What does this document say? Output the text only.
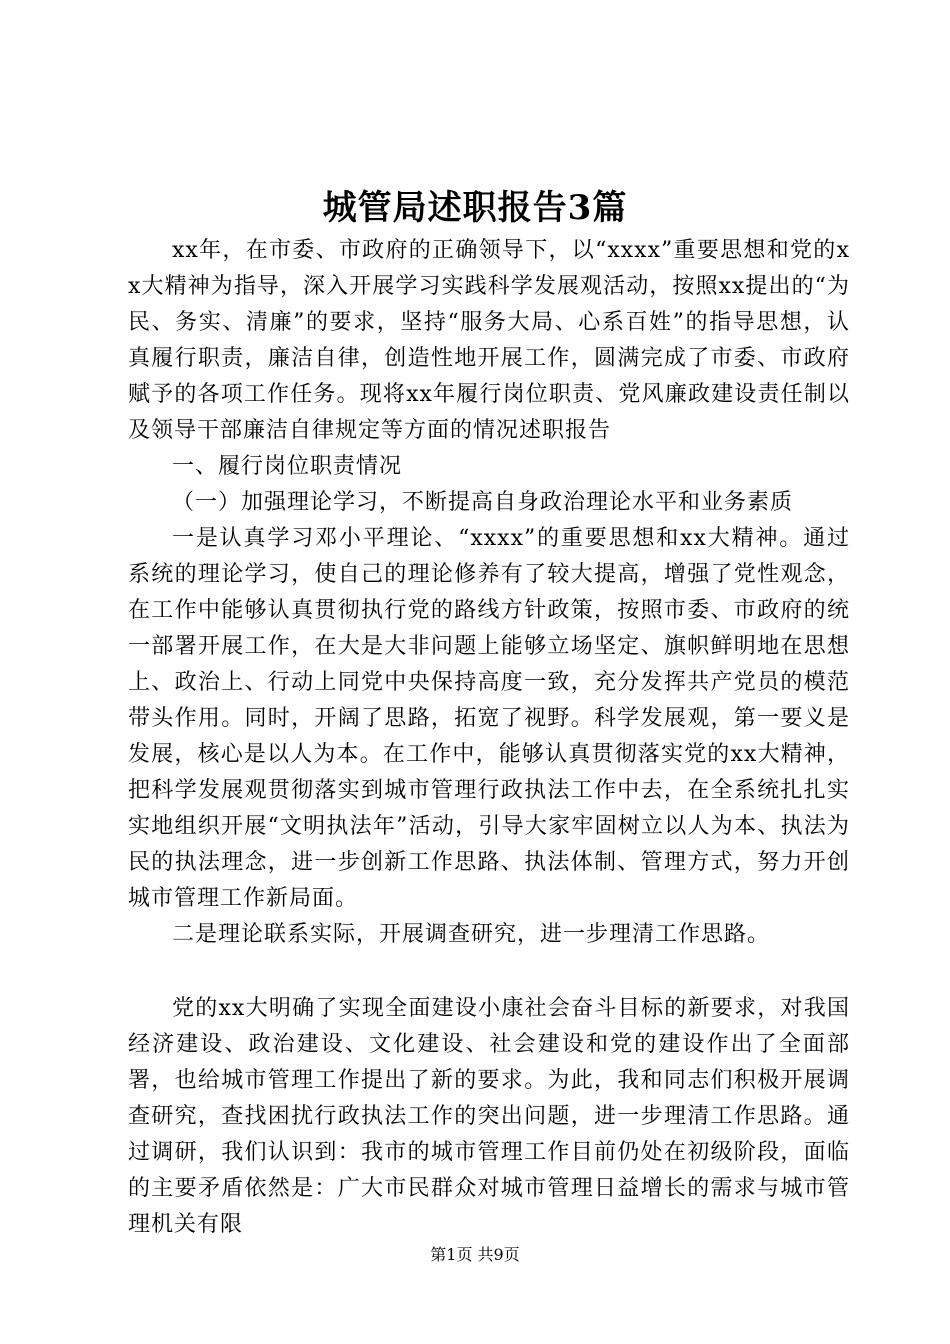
城管局述职报告3篇

xx年，在市委、市政府的正确领导下，以“xxxx”重要思想和党的xx大精神为指导，深入开展学习实践科学发展观活动，按照xx提出的“为民、务实、清廉”的要求，坚持“服务大局、心系百姓”的指导思想，认真履行职责，廉洁自律，创造性地开展工作，圆满完成了市委、市政府赋予的各项工作任务。现将xx年履行岗位职责、党风廉政建设责任制以及领导干部廉洁自律规定等方面的情况述职报告

一、履行岗位职责情况

（一）加强理论学习，不断提高自身政治理论水平和业务素质

一是认真学习邓小平理论、“xxxx”的重要思想和xx大精神。通过系统的理论学习，使自己的理论修养有了较大提高，增强了党性观念，在工作中能够认真贯彻执行党的路线方针政策，按照市委、市政府的统一部署开展工作，在大是大非问题上能够立场坚定、旗帜鲜明地在思想上、政治上、行动上同党中央保持高度一致，充分发挥共产党员的模范带头作用。同时，开阔了思路，拓宽了视野。科学发展观，第一要义是发展，核心是以人为本。在工作中，能够认真贯彻落实党的xx大精神，把科学发展观贯彻落实到城市管理行政执法工作中去，在全系统扎扎实实地组织开展“文明执法年”活动，引导大家牢固树立以人为本、执法为民的执法理念，进一步创新工作思路、执法体制、管理方式，努力开创城市管理工作新局面。

二是理论联系实际，开展调查研究，进一步理清工作思路。

党的xx大明确了实现全面建设小康社会奋斗目标的新要求，对我国经济建设、政治建设、文化建设、社会建设和党的建设作出了全面部署，也给城市管理工作提出了新的要求。为此，我和同志们积极开展调查研究，查找困扰行政执法工作的突出问题，进一步理清工作思路。通过调研，我们认识到：我市的城市管理工作目前仍处在初级阶段，面临的主要矛盾依然是：广大市民群众对城市管理日益增长的需求与城市管理机关有限

第1页 共9页
